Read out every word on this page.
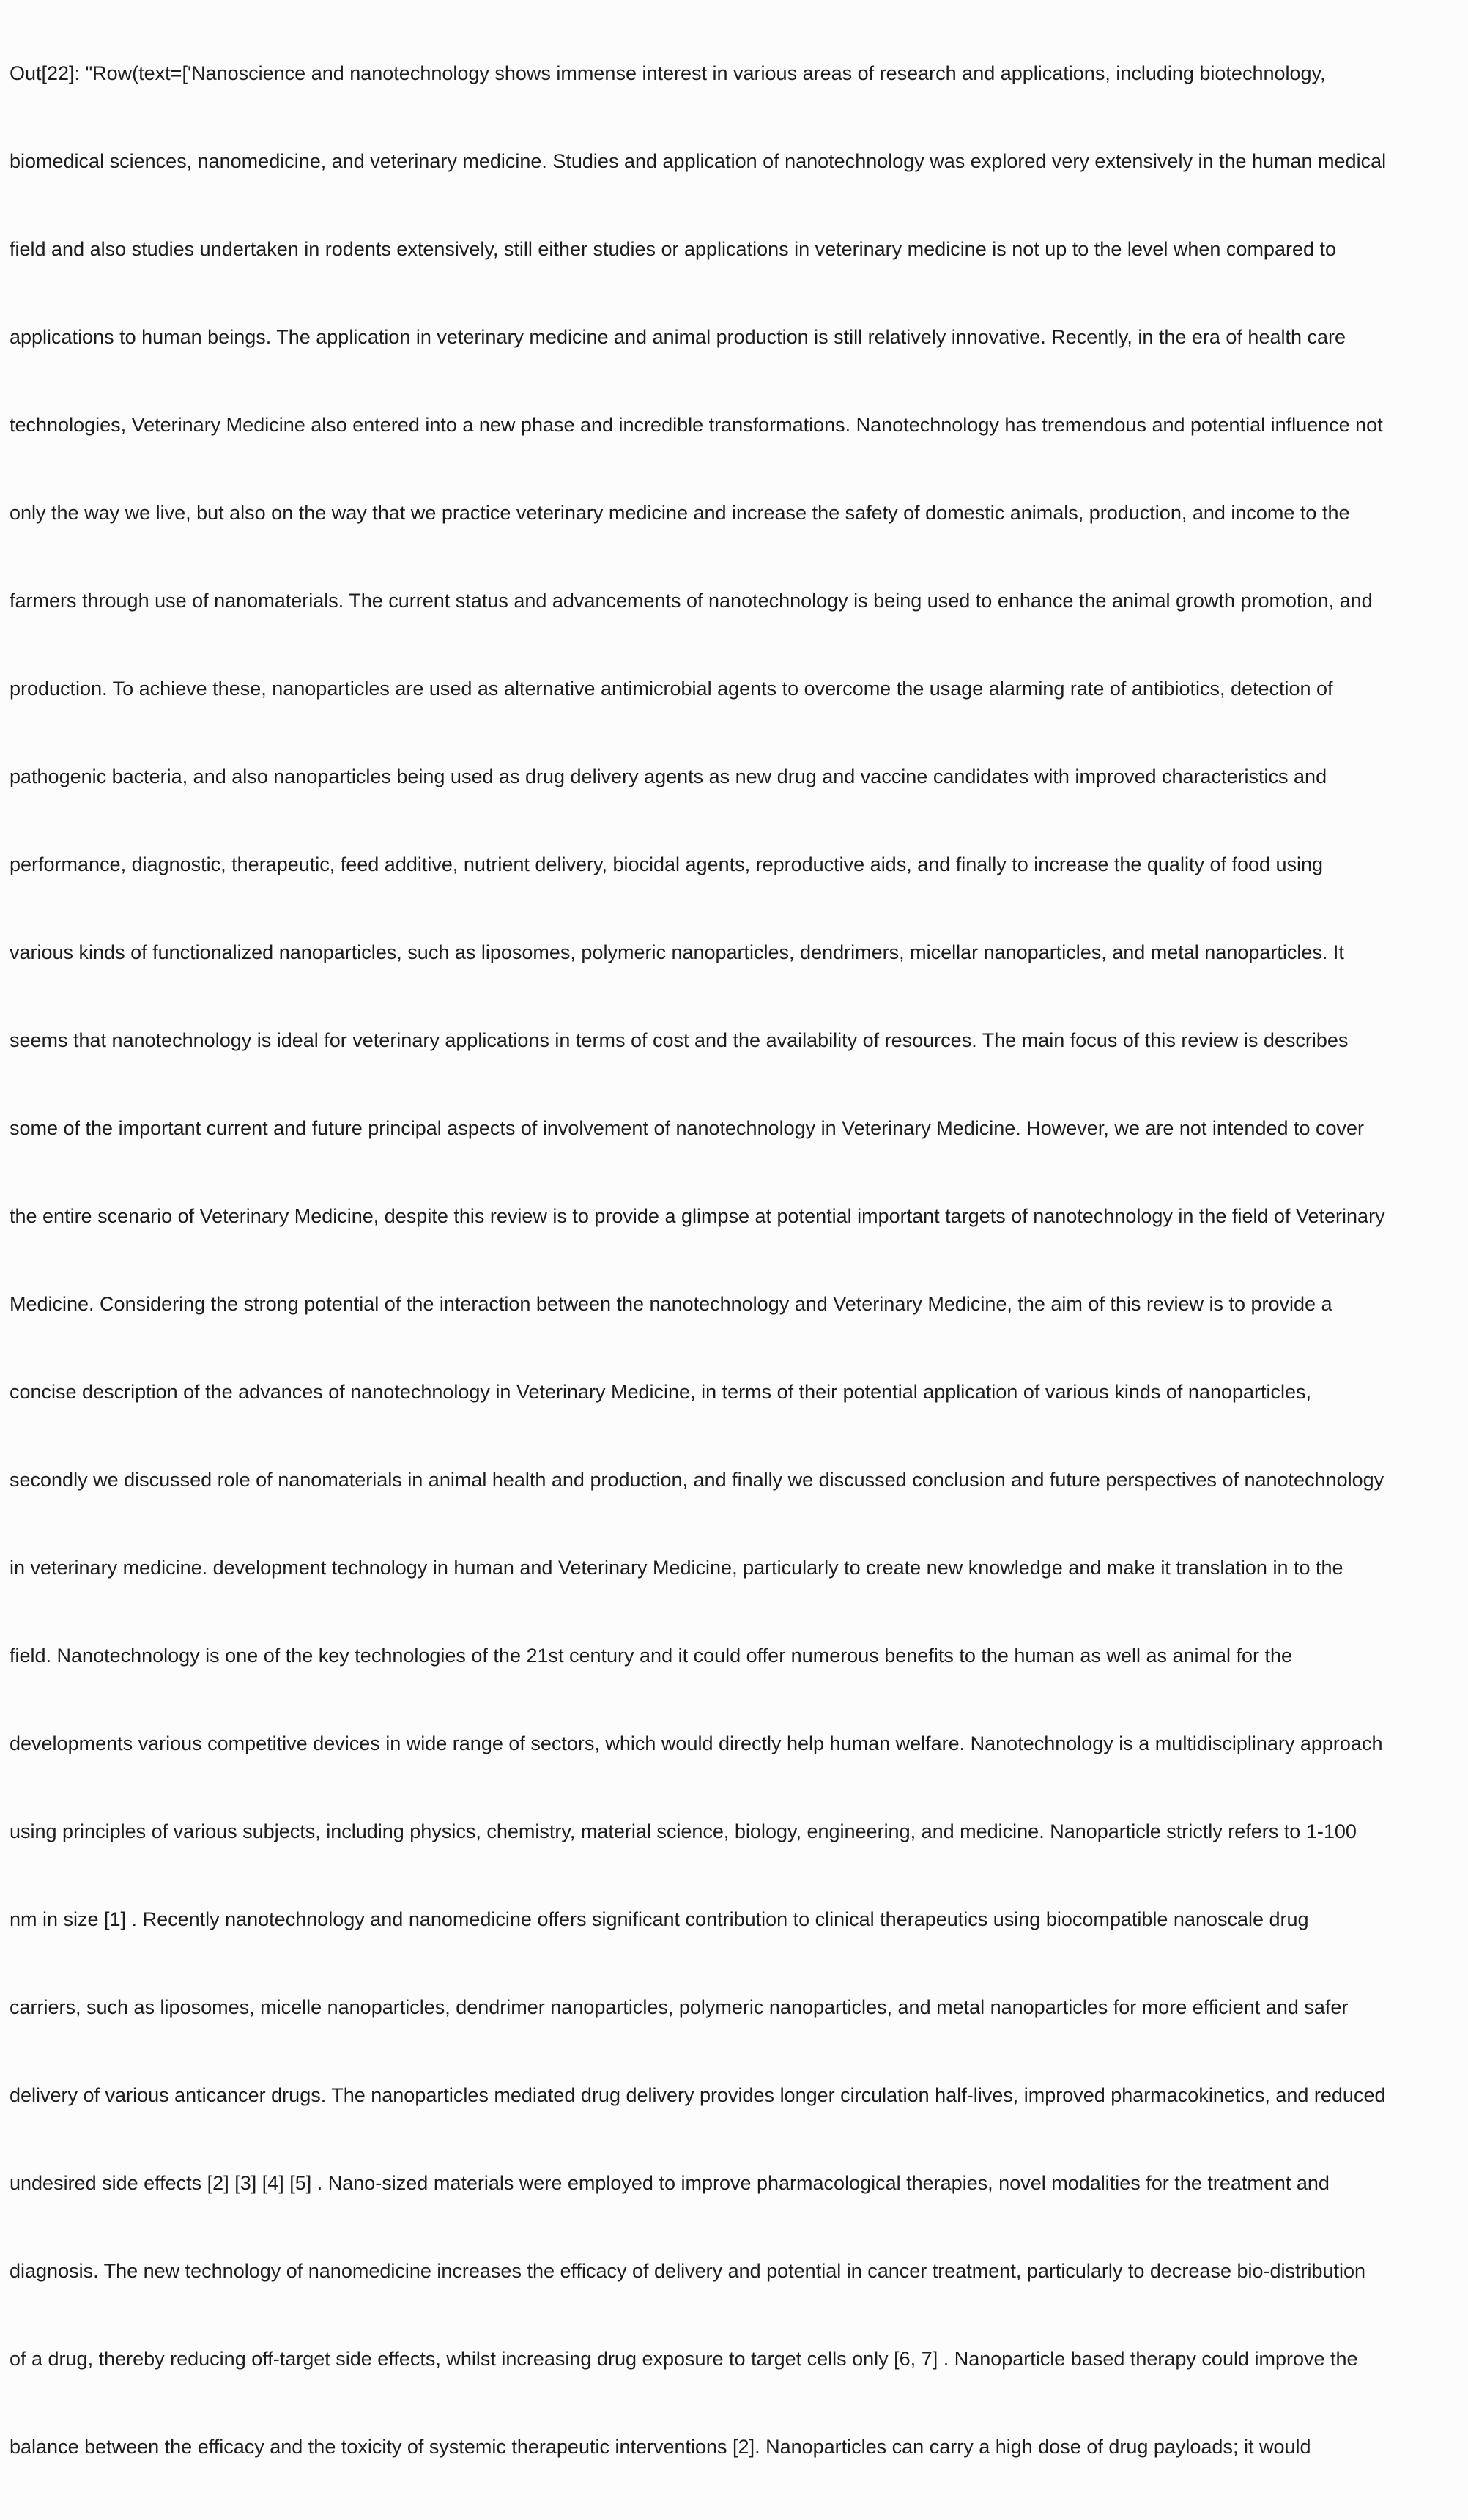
Out[22]: "Row(text=['Nanoscience and nanotechnology shows immense interest in various areas of research and applications, including biotechnology,

biomedical sciences, nanomedicine, and veterinary medicine. Studies and application of nanotechnology was explored very extensively in the human medical

field and also studies undertaken in rodents extensively, still either studies or applications in veterinary medicine is not up to the level when compared to

applications to human beings. The application in veterinary medicine and animal production is still relatively innovative. Recently, in the era of health care

technologies, Veterinary Medicine also entered into a new phase and incredible transformations. Nanotechnology has tremendous and potential influence not

only the way we live, but also on the way that we practice veterinary medicine and increase the safety of domestic animals, production, and income to the

farmers through use of nanomaterials. The current status and advancements of nanotechnology is being used to enhance the animal growth promotion, and

production. To achieve these, nanoparticles are used as alternative antimicrobial agents to overcome the usage alarming rate of antibiotics, detection of

pathogenic bacteria, and also nanoparticles being used as drug delivery agents as new drug and vaccine candidates with improved characteristics and

performance, diagnostic, therapeutic, feed additive, nutrient delivery, biocidal agents, reproductive aids, and finally to increase the quality of food using

various kinds of functionalized nanoparticles, such as liposomes, polymeric nanoparticles, dendrimers, micellar nanoparticles, and metal nanoparticles. It

seems that nanotechnology is ideal for veterinary applications in terms of cost and the availability of resources. The main focus of this review is describes

some of the important current and future principal aspects of involvement of nanotechnology in Veterinary Medicine. However, we are not intended to cover

the entire scenario of Veterinary Medicine, despite this review is to provide a glimpse at potential important targets of nanotechnology in the field of Veterinary

Medicine. Considering the strong potential of the interaction between the nanotechnology and Veterinary Medicine, the aim of this review is to provide a

concise description of the advances of nanotechnology in Veterinary Medicine, in terms of their potential application of various kinds of nanoparticles,

secondly we discussed role of nanomaterials in animal health and production, and finally we discussed conclusion and future perspectives of nanotechnology

in veterinary medicine. development technology in human and Veterinary Medicine, particularly to create new knowledge and make it translation in to the

field. Nanotechnology is one of the key technologies of the 21st century and it could offer numerous benefits to the human as well as animal for the

developments various competitive devices in wide range of sectors, which would directly help human welfare. Nanotechnology is a multidisciplinary approach

using principles of various subjects, including physics, chemistry, material science, biology, engineering, and medicine. Nanoparticle strictly refers to 1-100

nm in size [1] . Recently nanotechnology and nanomedicine offers significant contribution to clinical therapeutics using biocompatible nanoscale drug

carriers, such as liposomes, micelle nanoparticles, dendrimer nanoparticles, polymeric nanoparticles, and metal nanoparticles for more efficient and safer

delivery of various anticancer drugs. The nanoparticles mediated drug delivery provides longer circulation half-lives, improved pharmacokinetics, and reduced

undesired side effects [2] [3] [4] [5] . Nano-sized materials were employed to improve pharmacological therapies, novel modalities for the treatment and

diagnosis. The new technology of nanomedicine increases the efficacy of delivery and potential in cancer treatment, particularly to decrease bio-distribution

of a drug, thereby reducing off-target side effects, whilst increasing drug exposure to target cells only [6, 7] . Nanoparticle based therapy could improve the

balance between the efficacy and the toxicity of systemic therapeutic interventions [2]. Nanoparticles can carry a high dose of drug payloads; it would
